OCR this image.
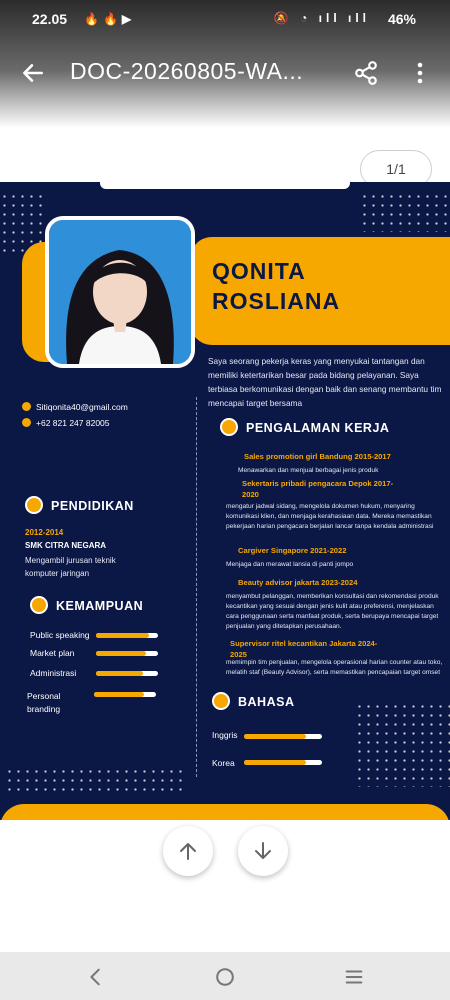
22.05 🔥🔥▶	🔕 ◔ ıll ıll 46%
DOC-20260805-WA...
1/1
QONITA
ROSLIANA
Saya seorang pekerja keras yang menyukai tantangan dan memiliki ketertarikan besar pada bidang pelayanan. Saya terbiasa berkomunikasi dengan baik dan senang membantu tim mencapai target bersama
Sitiqonita40@gmail.com
+62 821 247 82005
PENDIDIKAN
2012-2014
SMK CITRA NEGARA
Mengambil jurusan teknik komputer jaringan
KEMAMPUAN
Public speaking
Market plan
Administrasi
Personal branding
PENGALAMAN KERJA
Sales promotion girl Bandung 2015-2017
Menawarkan dan menjual berbagai jenis produk
Sekertaris pribadi pengacara Depok 2017-2020
mengatur jadwal sidang, mengelola dokumen hukum, menyaring komunikasi klien, dan menjaga kerahasiaan data. Mereka memastikan pekerjaan harian pengacara berjalan lancar tanpa kendala administrasi
Cargiver Singapore 2021-2022
Menjaga dan merawat lansia di panti jompo
Beauty advisor jakarta 2023-2024
menyambut pelanggan, memberikan konsultasi dan rekomendasi produk kecantikan yang sesuai dengan jenis kulit atau preferensi, menjelaskan cara penggunaan serta manfaat produk, serta berupaya mencapai target penjualan yang ditetapkan perusahaan.
Supervisor ritel kecantikan Jakarta 2024-2025
memimpin tim penjualan, mengelola operasional harian counter atau toko, melatih staf (Beauty Advisor), serta memastikan pencapaian target omset
BAHASA
Inggris
Korea
